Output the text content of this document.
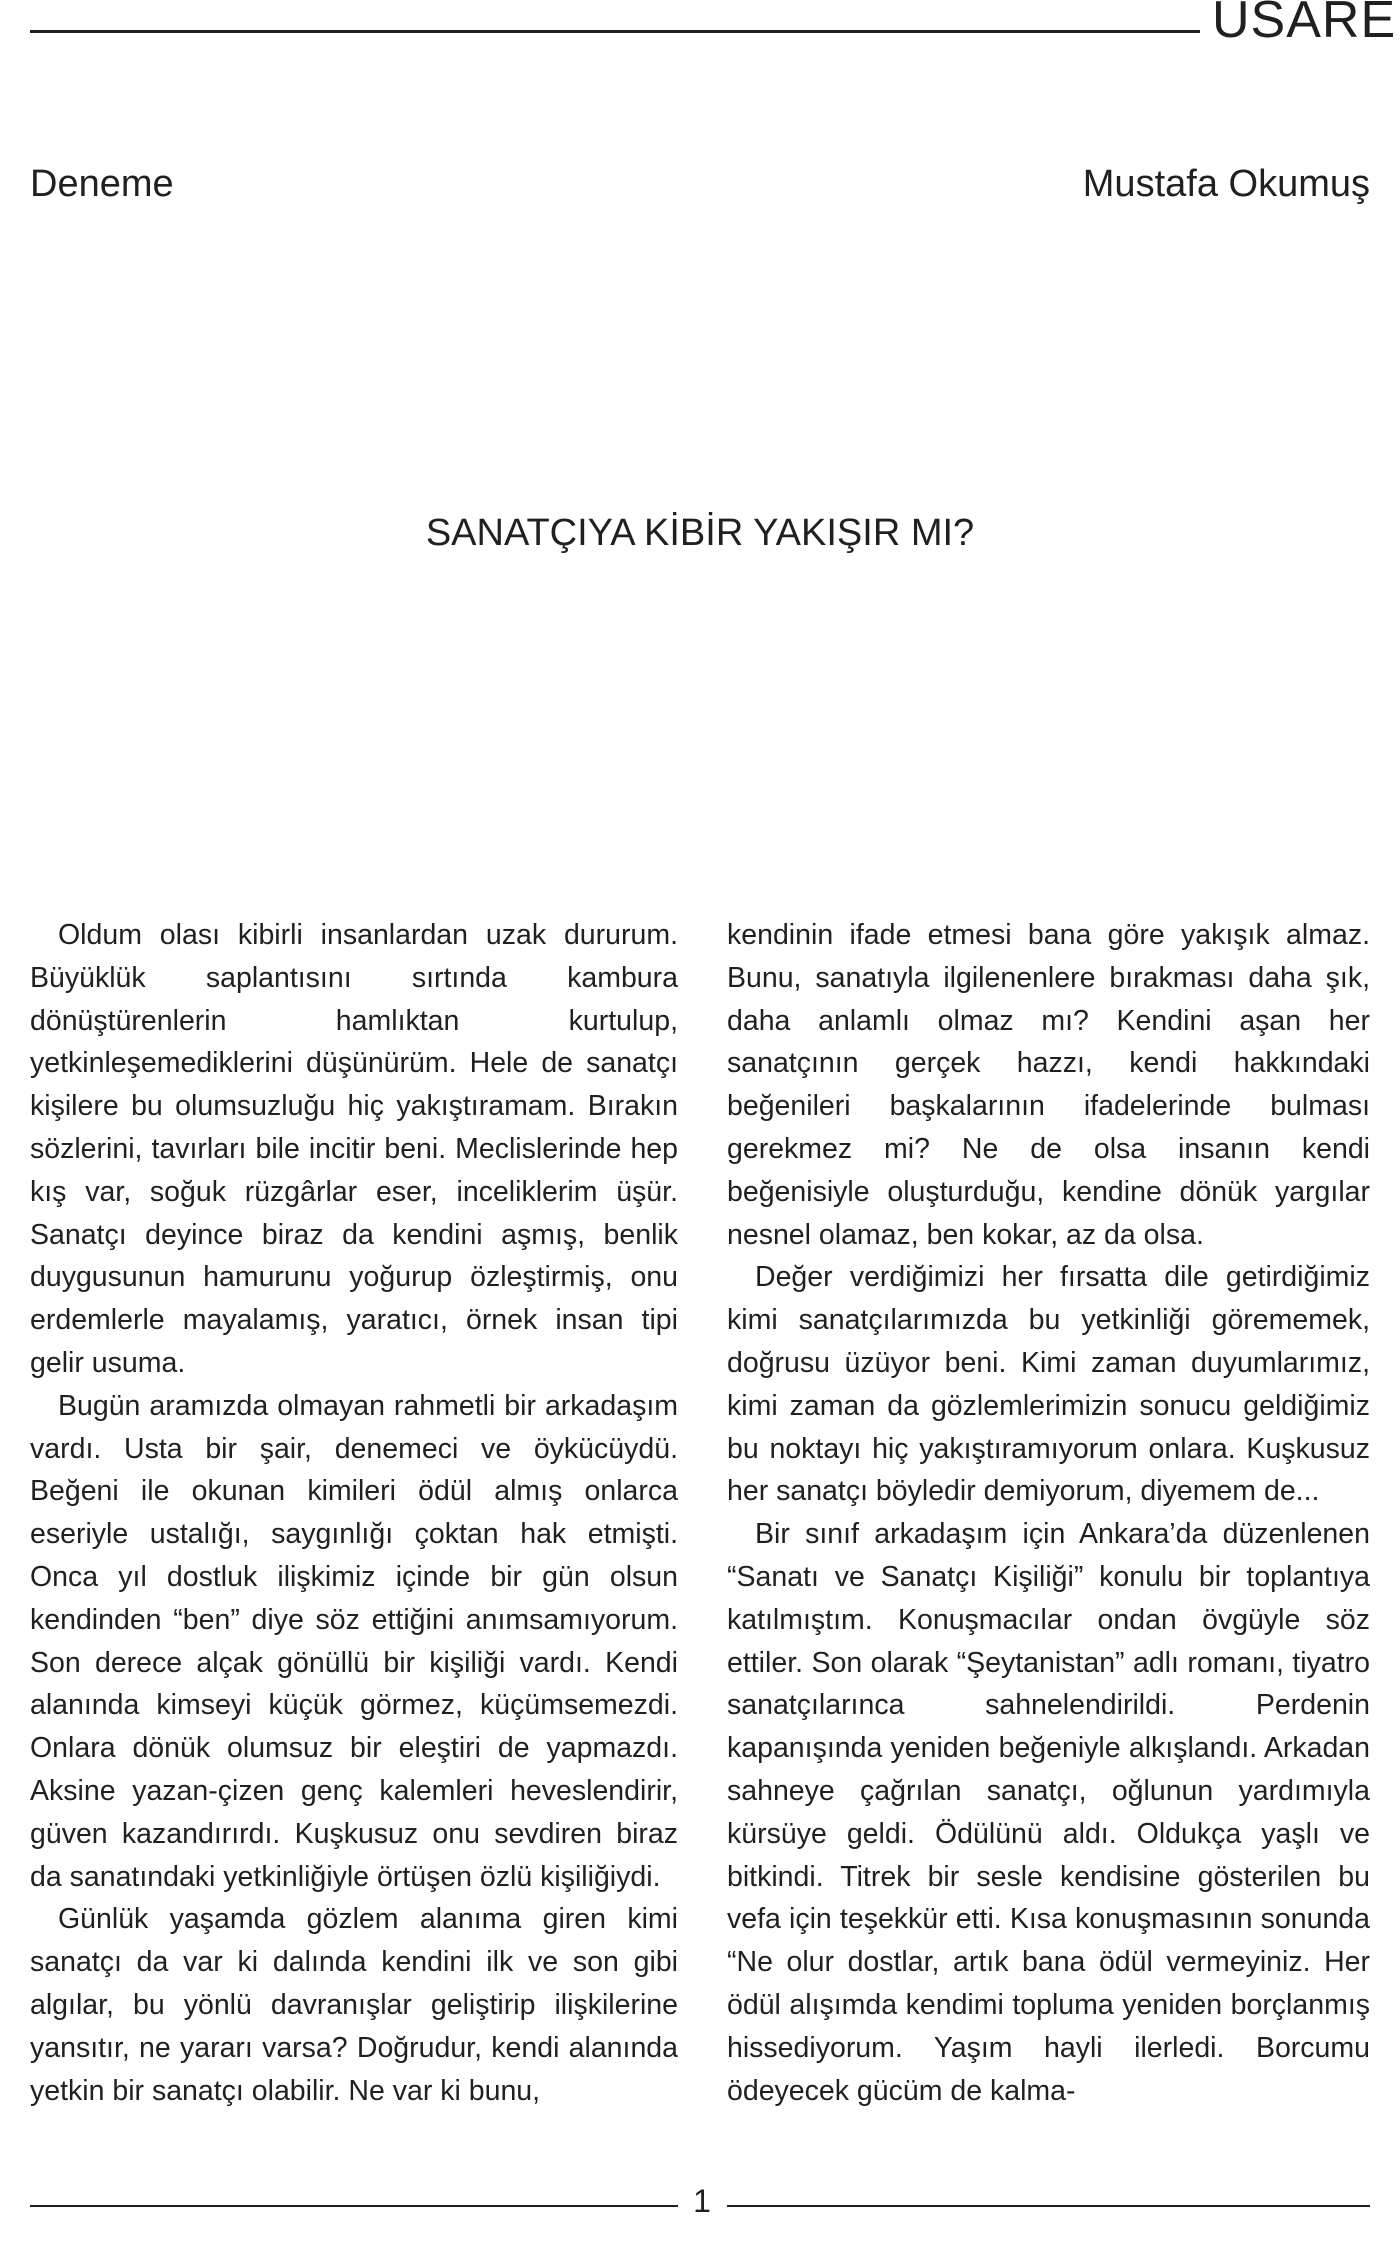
USARE
Deneme	Mustafa Okumuş
SANATÇIYA KİBİR YAKIŞIR MI?

Oldum olası kibirli insanlardan uzak dururum. Büyüklük saplantısını sırtında kambura dönüştürenlerin hamlıktan kurtulup, yetkinleşemediklerini düşünürüm. Hele de sanatçı kişilere bu olumsuzluğu hiç yakıştıramam. Bırakın sözlerini, tavırları bile incitir beni. Meclislerinde hep kış var, soğuk rüzgârlar eser, inceliklerim üşür. Sanatçı deyince biraz da kendini aşmış, benlik duygusunun hamurunu yoğurup özleştirmiş, onu erdemlerle mayalamış, yaratıcı, örnek insan tipi gelir usuma.

Bugün aramızda olmayan rahmetli bir arkadaşım vardı. Usta bir şair, denemeci ve öykücüydü. Beğeni ile okunan kimileri ödül almış onlarca eseriyle ustalığı, saygınlığı çoktan hak etmişti. Onca yıl dostluk ilişkimiz içinde bir gün olsun kendinden “ben” diye söz ettiğini anımsamıyorum. Son derece alçak gönüllü bir kişiliği vardı. Kendi alanında kimseyi küçük görmez, küçümsemezdi. Onlara dönük olumsuz bir eleştiri de yapmazdı. Aksine yazan-çizen genç kalemleri heveslendirir, güven kazandırırdı. Kuşkusuz onu sevdiren biraz da sanatındaki yetkinliğiyle örtüşen özlü kişiliğiydi.

Günlük yaşamda gözlem alanıma giren kimi sanatçı da var ki dalında kendini ilk ve son gibi algılar, bu yönlü davranışlar geliştirip ilişkilerine yansıtır, ne yararı varsa? Doğrudur, kendi alanında yetkin bir sanatçı olabilir. Ne var ki bunu,

kendinin ifade etmesi bana göre yakışık almaz. Bunu, sanatıyla ilgilenenlere bırakması daha şık, daha anlamlı olmaz mı? Kendini aşan her sanatçının gerçek hazzı, kendi hakkındaki beğenileri başkalarının ifadelerinde bulması gerekmez mi? Ne de olsa insanın kendi beğenisiyle oluşturduğu, kendine dönük yargılar nesnel olamaz, ben kokar, az da olsa.

Değer verdiğimizi her fırsatta dile getirdiğimiz kimi sanatçılarımızda bu yetkinliği görememek, doğrusu üzüyor beni. Kimi zaman duyumlarımız, kimi zaman da gözlemlerimizin sonucu geldiğimiz bu noktayı hiç yakıştıramıyorum onlara. Kuşkusuz her sanatçı böyledir demiyorum, diyemem de...

Bir sınıf arkadaşım için Ankara’da düzenlenen “Sanatı ve Sanatçı Kişiliği” konulu bir toplantıya katılmıştım. Konuşmacılar ondan övgüyle söz ettiler. Son olarak “Şeytanistan” adlı romanı, tiyatro sanatçılarınca sahnelendirildi. Perdenin kapanışında yeniden beğeniyle alkışlandı. Arkadan sahneye çağrılan sanatçı, oğlunun yardımıyla kürsüye geldi. Ödülünü aldı. Oldukça yaşlı ve bitkindi. Titrek bir sesle kendisine gösterilen bu vefa için teşekkür etti. Kısa konuşmasının sonunda “Ne olur dostlar, artık bana ödül vermeyiniz. Her ödül alışımda kendimi topluma yeniden borçlanmış hissediyorum. Yaşım hayli ilerledi. Borcumu ödeyecek gücüm de kalma-

1
